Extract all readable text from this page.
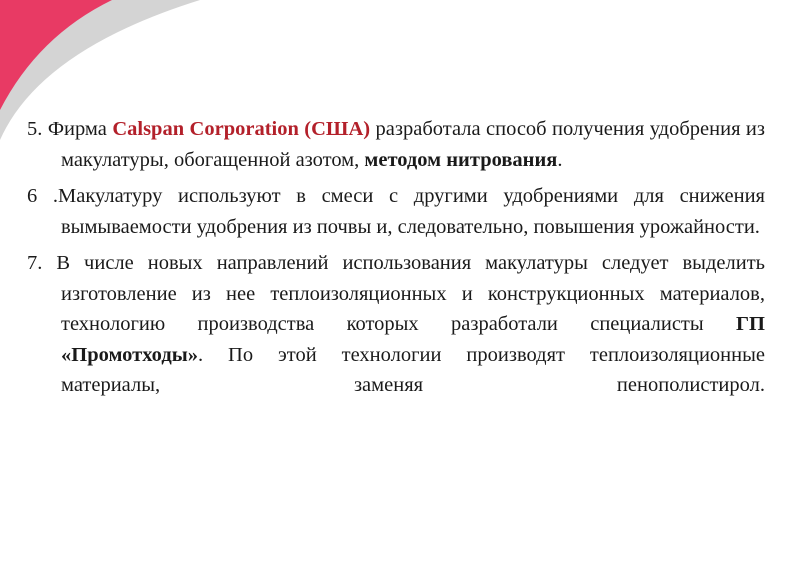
5. Фирма Calspan Corporation (США) разработала способ получения удобрения из макулатуры, обогащенной азотом, методом нитрования.

6 .Макулатуру используют в смеси с другими удобрениями для снижения вымываемости удобрения из почвы и, следовательно, повышения урожайности.

7. В числе новых направлений использования макулатуры следует выделить изготовление из нее теплоизоляционных и конструкционных материалов, технологию производства которых разработали специалисты ГП «Промотходы». По этой технологии производят теплоизоляционные материалы, заменяя пенополистирол.
